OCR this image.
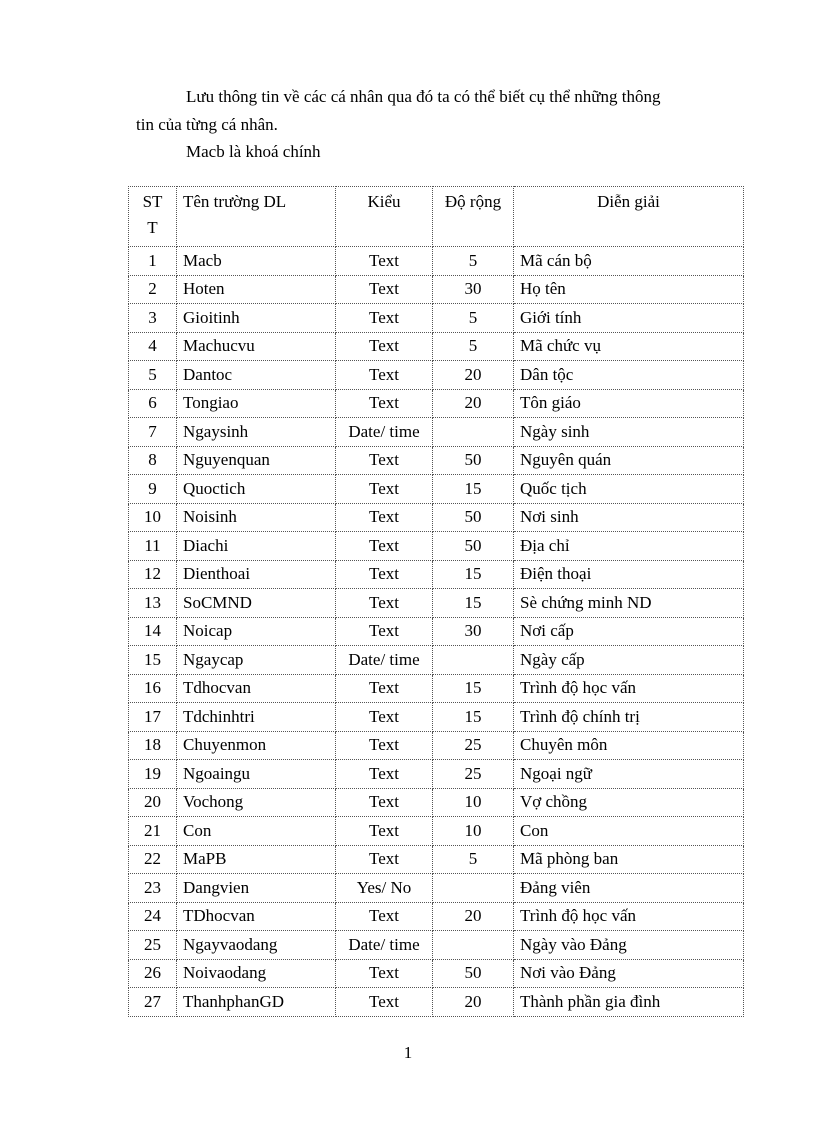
Lưu thông tin về các cá nhân qua đó ta có thể biết cụ thể những thông
tin của từng cá nhân.
Macb là khoá chính
STT	Tên trường DL	Kiểu	Độ rộng	Diễn giải
1	Macb	Text	5	Mã cán bộ
2	Hoten	Text	30	Họ tên
3	Gioitinh	Text	5	Giới tính
4	Machucvu	Text	5	Mã chức vụ
5	Dantoc	Text	20	Dân tộc
6	Tongiao	Text	20	Tôn giáo
7	Ngaysinh	Date/ time		Ngày sinh
8	Nguyenquan	Text	50	Nguyên quán
9	Quoctich	Text	15	Quốc tịch
10	Noisinh	Text	50	Nơi sinh
11	Diachi	Text	50	Địa chỉ
12	Dienthoai	Text	15	Điện thoại
13	SoCMND	Text	15	Sè chứng minh ND
14	Noicap	Text	30	Nơi cấp
15	Ngaycap	Date/ time		Ngày cấp
16	Tdhocvan	Text	15	Trình độ học vấn
17	Tdchinhtri	Text	15	Trình độ chính trị
18	Chuyenmon	Text	25	Chuyên môn
19	Ngoaingu	Text	25	Ngoại ngữ
20	Vochong	Text	10	Vợ chồng
21	Con	Text	10	Con
22	MaPB	Text	5	Mã phòng ban
23	Dangvien	Yes/ No		Đảng viên
24	TDhocvan	Text	20	Trình độ học vấn
25	Ngayvaodang	Date/ time		Ngày vào Đảng
26	Noivaodang	Text	50	Nơi vào Đảng
27	ThanhphanGD	Text	20	Thành phần gia đình
1
